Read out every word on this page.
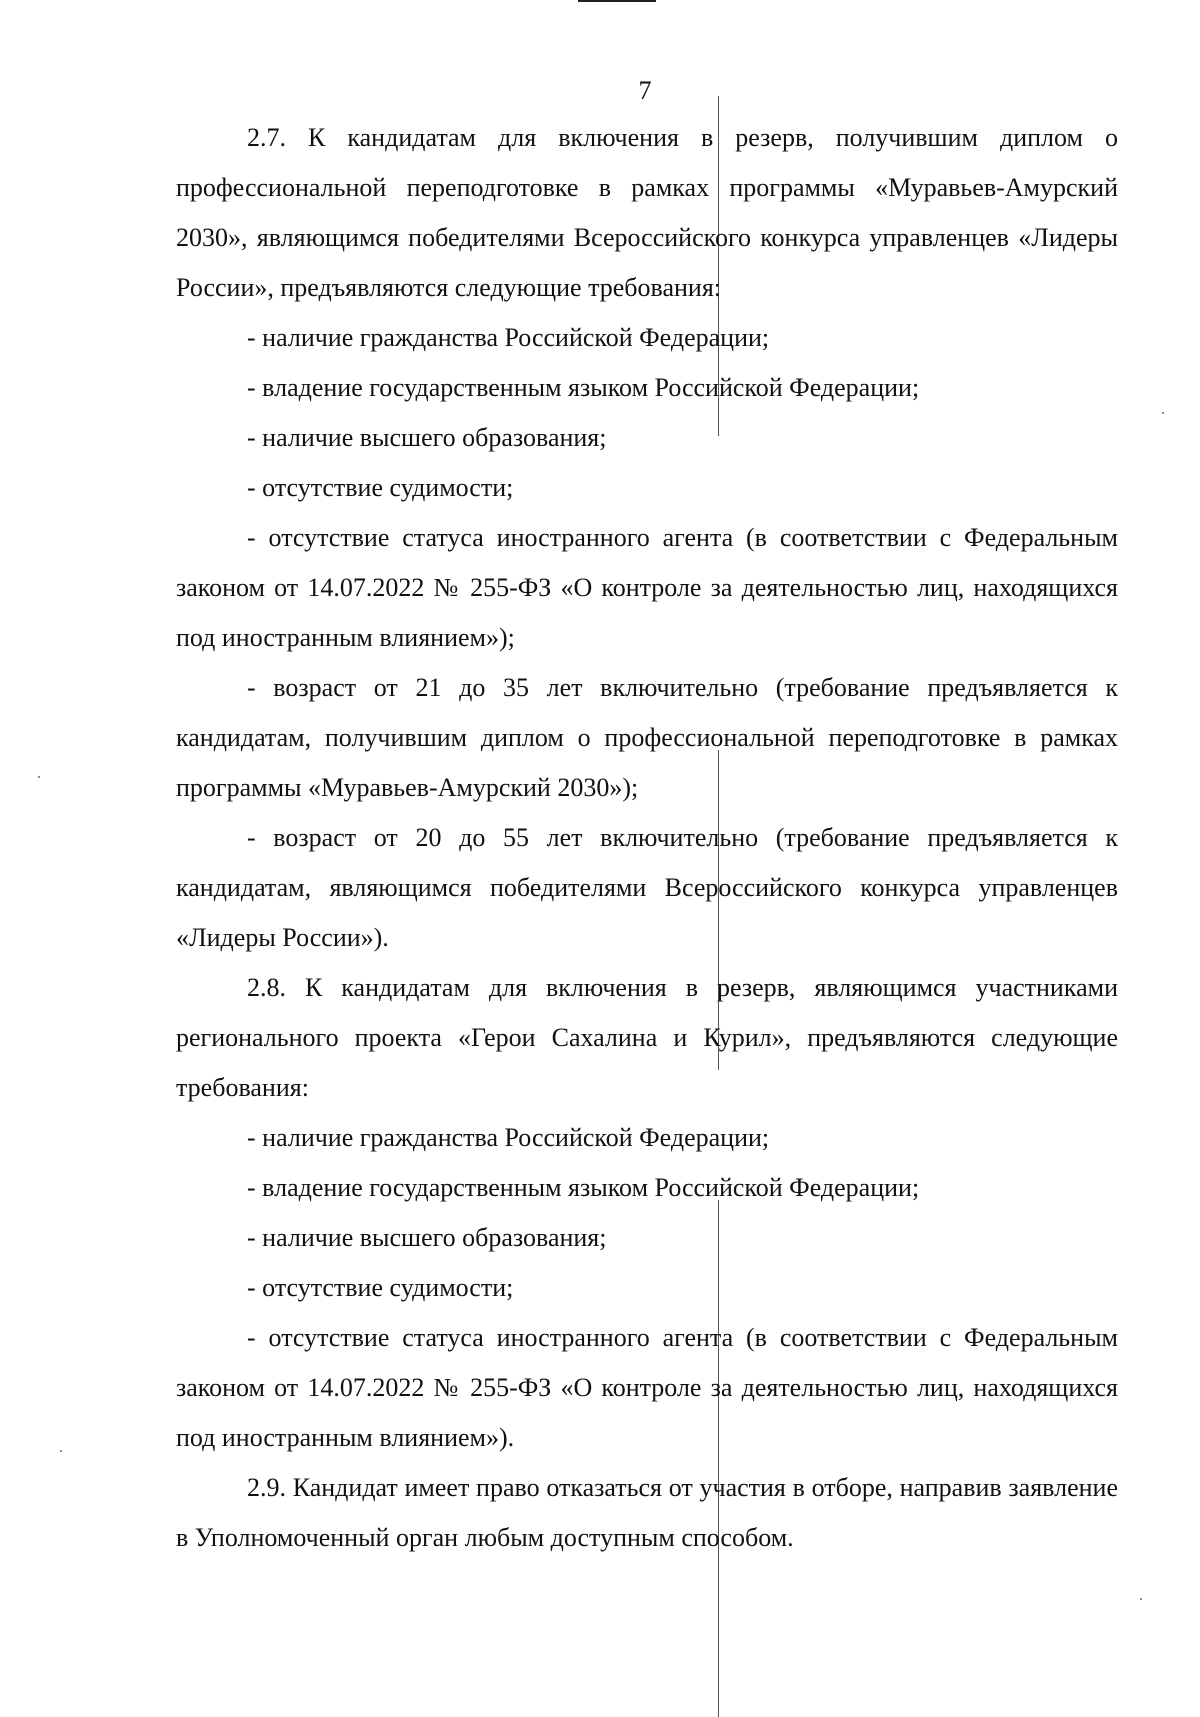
7

2.7. К кандидатам для включения в резерв, получившим диплом о профессиональной переподготовке в рамках программы «Муравьев-Амурский 2030», являющимся победителями Всероссийского конкурса управленцев «Лидеры России», предъявляются следующие требования:

- наличие гражданства Российской Федерации;

- владение государственным языком Российской Федерации;

- наличие высшего образования;

- отсутствие судимости;

- отсутствие статуса иностранного агента (в соответствии с Федеральным законом от 14.07.2022 № 255-ФЗ «О контроле за деятельностью лиц, находящихся под иностранным влиянием»);

- возраст от 21 до 35 лет включительно (требование предъявляется к кандидатам, получившим диплом о профессиональной переподготовке в рамках программы «Муравьев-Амурский 2030»);

- возраст от 20 до 55 лет включительно (требование предъявляется к кандидатам, являющимся победителями Всероссийского конкурса управленцев «Лидеры России»).

2.8. К кандидатам для включения в резерв, являющимся участниками регионального проекта «Герои Сахалина и Курил», предъявляются следующие требования:

- наличие гражданства Российской Федерации;

- владение государственным языком Российской Федерации;

- наличие высшего образования;

- отсутствие судимости;

- отсутствие статуса иностранного агента (в соответствии с Федеральным законом от 14.07.2022 № 255-ФЗ «О контроле за деятельностью лиц, находящихся под иностранным влиянием»).

2.9. Кандидат имеет право отказаться от участия в отборе, направив заявление в Уполномоченный орган любым доступным способом.
